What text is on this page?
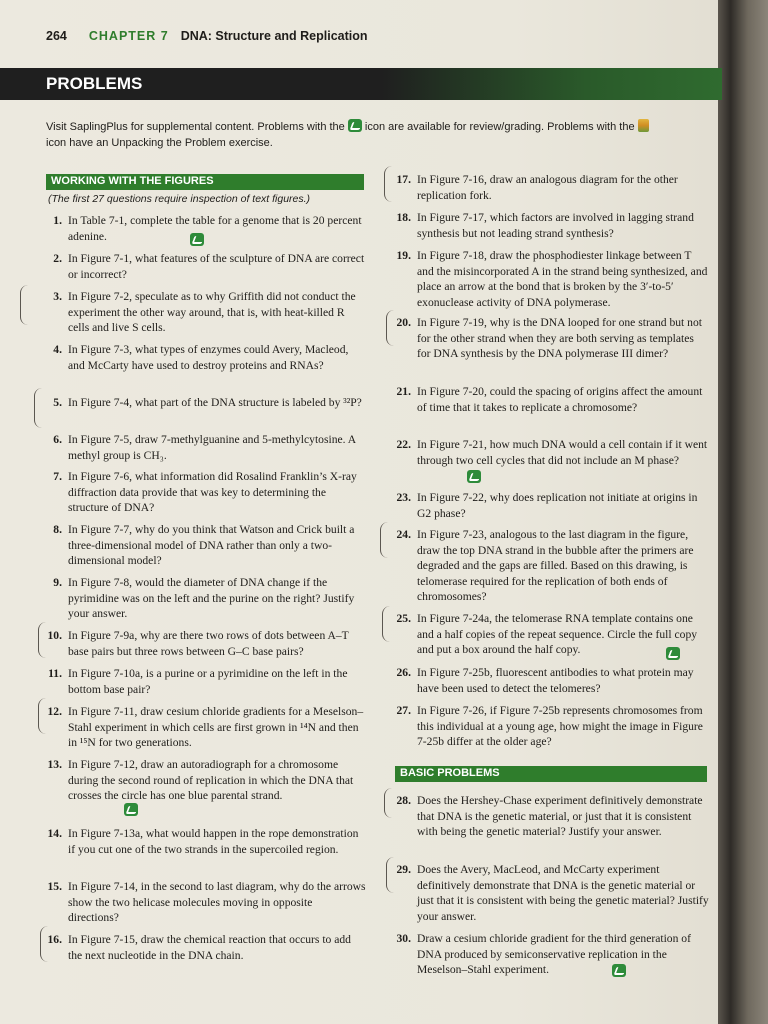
264 CHAPTER 7 DNA: Structure and Replication
PROBLEMS
Visit SaplingPlus for supplemental content. Problems with the icon are available for review/grading. Problems with the
icon have an Unpacking the Problem exercise.
WORKING WITH THE FIGURES
(The first 27 questions require inspection of text figures.)
BASIC PROBLEMS
1. In Table 7-1, complete the table for a genome that is 20 percent adenine.
2. In Figure 7-1, what features of the sculpture of DNA are correct or incorrect?
3. In Figure 7-2, speculate as to why Griffith did not conduct the experiment the other way around, that is, with heat-killed R cells and live S cells.
4. In Figure 7-3, what types of enzymes could Avery, Macleod, and McCarty have used to destroy proteins and RNAs?
5. In Figure 7-4, what part of the DNA structure is labeled by ³²P?
6. In Figure 7-5, draw 7-methylguanine and 5-methylcytosine. A methyl group is CH₃.
7. In Figure 7-6, what information did Rosalind Franklin’s X-ray diffraction data provide that was key to determining the structure of DNA?
8. In Figure 7-7, why do you think that Watson and Crick built a three-dimensional model of DNA rather than only a two-dimensional model?
9. In Figure 7-8, would the diameter of DNA change if the pyrimidine was on the left and the purine on the right? Justify your answer.
10. In Figure 7-9a, why are there two rows of dots between A–T base pairs but three rows between G–C base pairs?
11. In Figure 7-10a, is a purine or a pyrimidine on the left in the bottom base pair?
12. In Figure 7-11, draw cesium chloride gradients for a Meselson–Stahl experiment in which cells are first grown in ¹⁴N and then in ¹⁵N for two generations.
13. In Figure 7-12, draw an autoradiograph for a chromosome during the second round of replication in which the DNA that crosses the circle has one blue parental strand.
14. In Figure 7-13a, what would happen in the rope demonstration if you cut one of the two strands in the supercoiled region.
15. In Figure 7-14, in the second to last diagram, why do the arrows show the two helicase molecules moving in opposite directions?
16. In Figure 7-15, draw the chemical reaction that occurs to add the next nucleotide in the DNA chain.
17. In Figure 7-16, draw an analogous diagram for the other replication fork.
18. In Figure 7-17, which factors are involved in lagging strand synthesis but not leading strand synthesis?
19. In Figure 7-18, draw the phosphodiester linkage between T and the misincorporated A in the strand being synthesized, and place an arrow at the bond that is broken by the 3′-to-5′ exonuclease activity of DNA polymerase.
20. In Figure 7-19, why is the DNA looped for one strand but not for the other strand when they are both serving as templates for DNA synthesis by the DNA polymerase III dimer?
21. In Figure 7-20, could the spacing of origins affect the amount of time that it takes to replicate a chromosome?
22. In Figure 7-21, how much DNA would a cell contain if it went through two cell cycles that did not include an M phase?
23. In Figure 7-22, why does replication not initiate at origins in G2 phase?
24. In Figure 7-23, analogous to the last diagram in the figure, draw the top DNA strand in the bubble after the primers are degraded and the gaps are filled. Based on this drawing, is telomerase required for the replication of both ends of chromosomes?
25. In Figure 7-24a, the telomerase RNA template contains one and a half copies of the repeat sequence. Circle the full copy and put a box around the half copy.
26. In Figure 7-25b, fluorescent antibodies to what protein may have been used to detect the telomeres?
27. In Figure 7-26, if Figure 7-25b represents chromosomes from this individual at a young age, how might the image in Figure 7-25b differ at the older age?
28. Does the Hershey-Chase experiment definitively demonstrate that DNA is the genetic material, or just that it is consistent with being the genetic material? Justify your answer.
29. Does the Avery, MacLeod, and McCarty experiment definitively demonstrate that DNA is the genetic material or just that it is consistent with being the genetic material? Justify your answer.
30. Draw a cesium chloride gradient for the third generation of DNA produced by semiconservative replication in the Meselson–Stahl experiment.
